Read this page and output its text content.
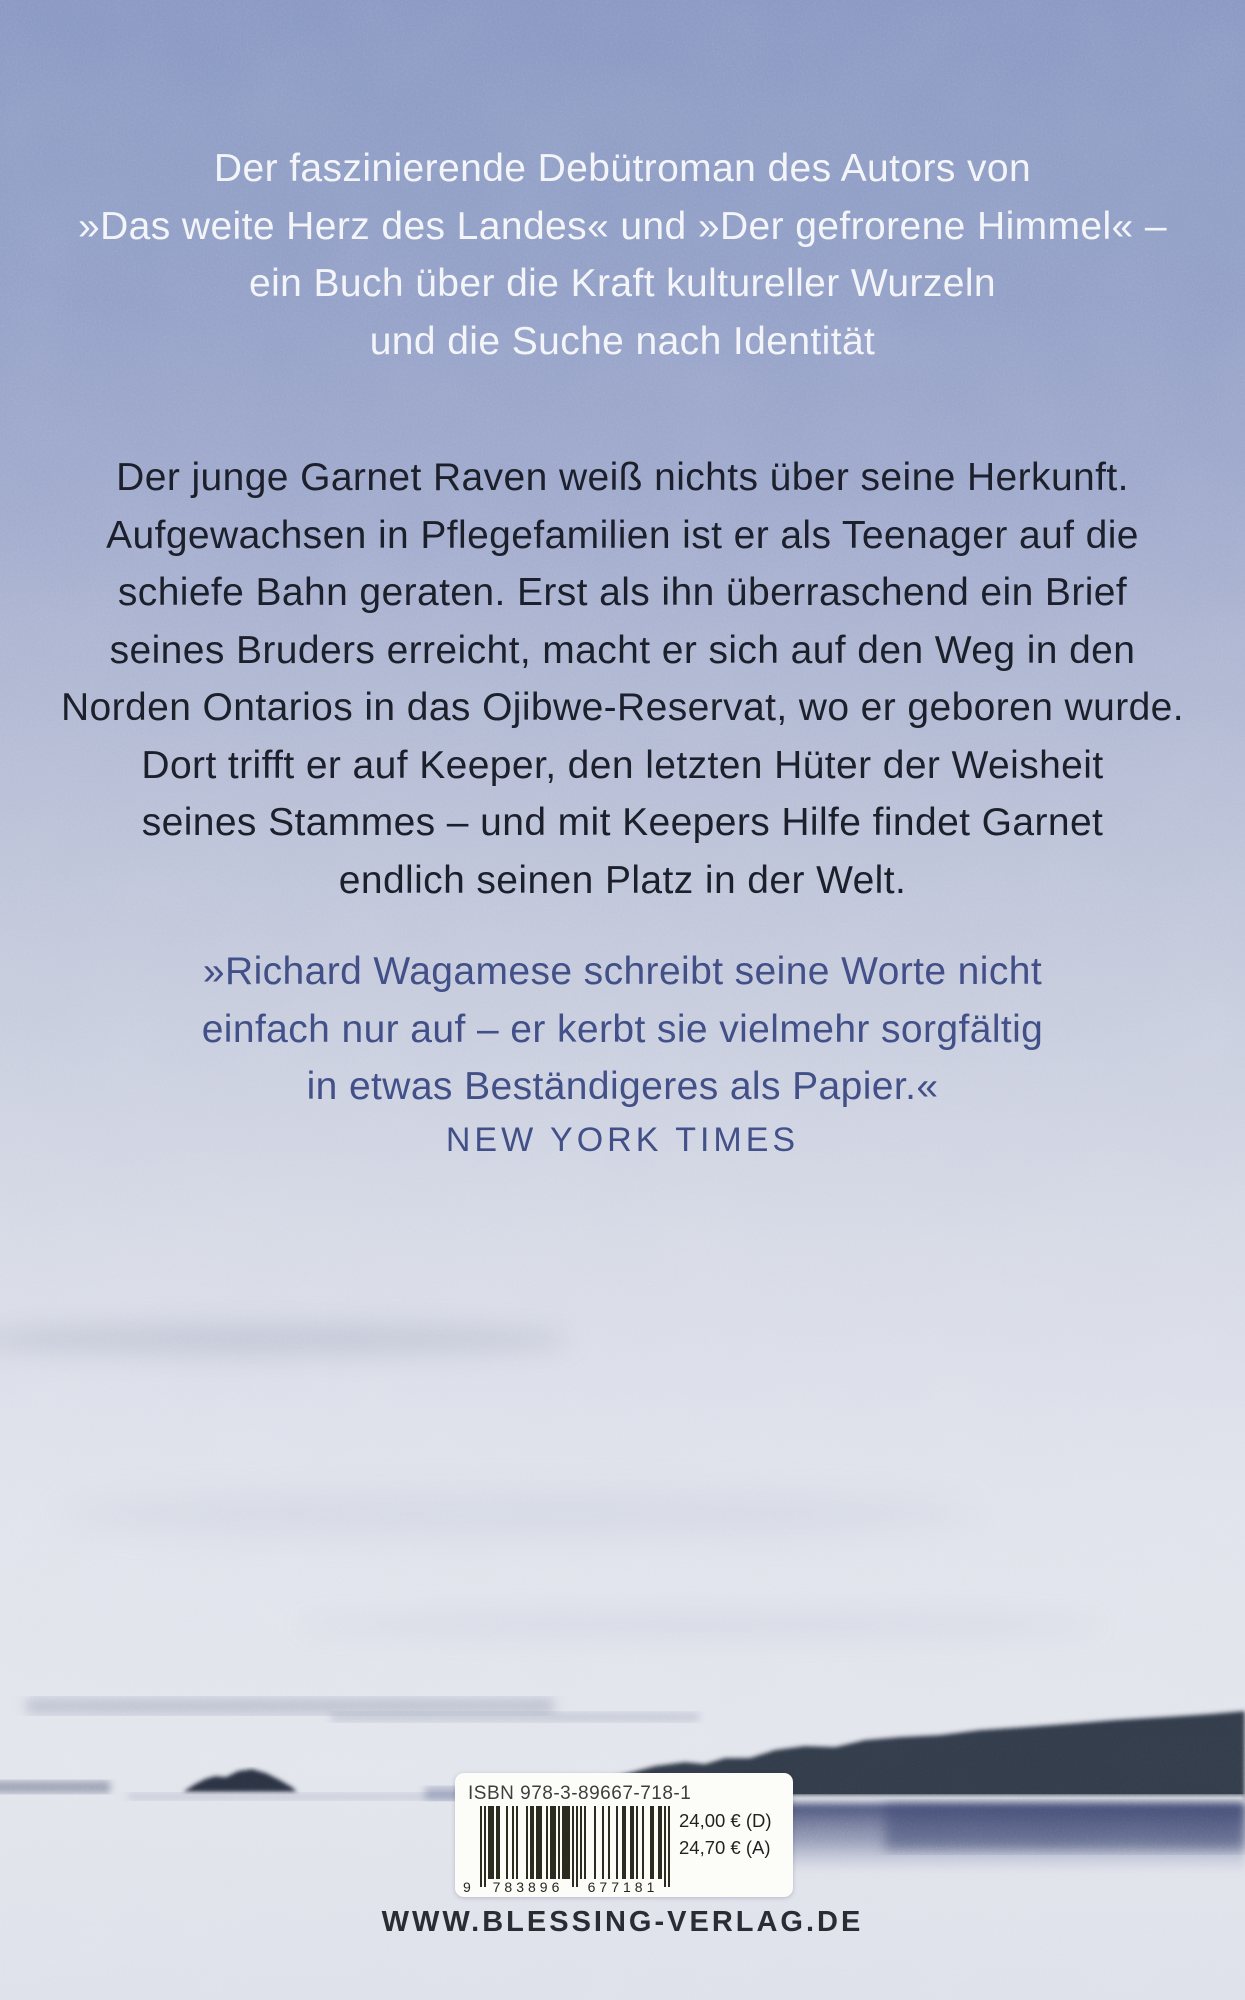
Der faszinierende Debütroman des Autors von
»Das weite Herz des Landes« und »Der gefrorene Himmel« –
ein Buch über die Kraft kultureller Wurzeln
und die Suche nach Identität
Der junge Garnet Raven weiß nichts über seine Herkunft.
Aufgewachsen in Pflegefamilien ist er als Teenager auf die
schiefe Bahn geraten. Erst als ihn überraschend ein Brief
seines Bruders erreicht, macht er sich auf den Weg in den
Norden Ontarios in das Ojibwe-Reservat, wo er geboren wurde.
Dort trifft er auf Keeper, den letzten Hüter der Weisheit
seines Stammes – und mit Keepers Hilfe findet Garnet
endlich seinen Platz in der Welt.
»Richard Wagamese schreibt seine Worte nicht
einfach nur auf – er kerbt sie vielmehr sorgfältig
in etwas Beständigeres als Papier.«
NEW YORK TIMES
ISBN 978-3-89667-718-1
9	783896	677181
24,00 € (D)
24,70 € (A)
WWW.BLESSING-VERLAG.DE
